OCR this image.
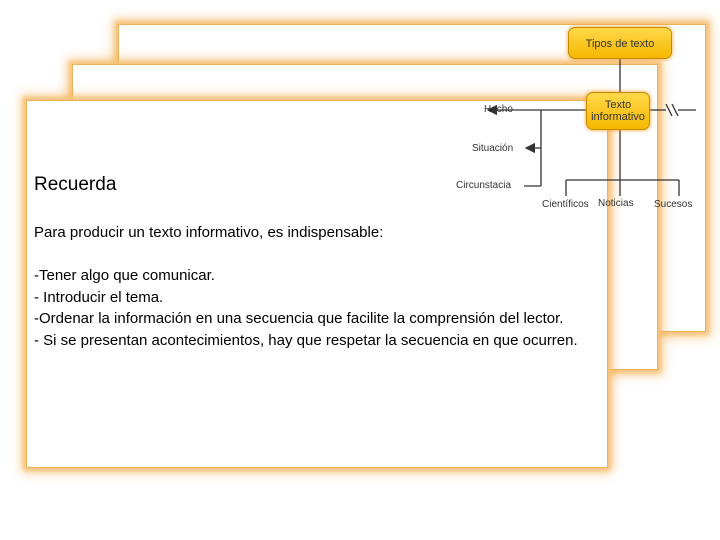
Tipos de texto
Texto informativo
Hecho
Situación
Circunstacia
Científicos Noticias Sucesos
Recuerda
Para producir un texto informativo, es indispensable:
-Tener algo que comunicar.
- Introducir el tema.
-Ordenar la información en una secuencia que facilite la comprensión del lector.
- Si se presentan acontecimientos, hay que respetar la secuencia en que ocurren.
